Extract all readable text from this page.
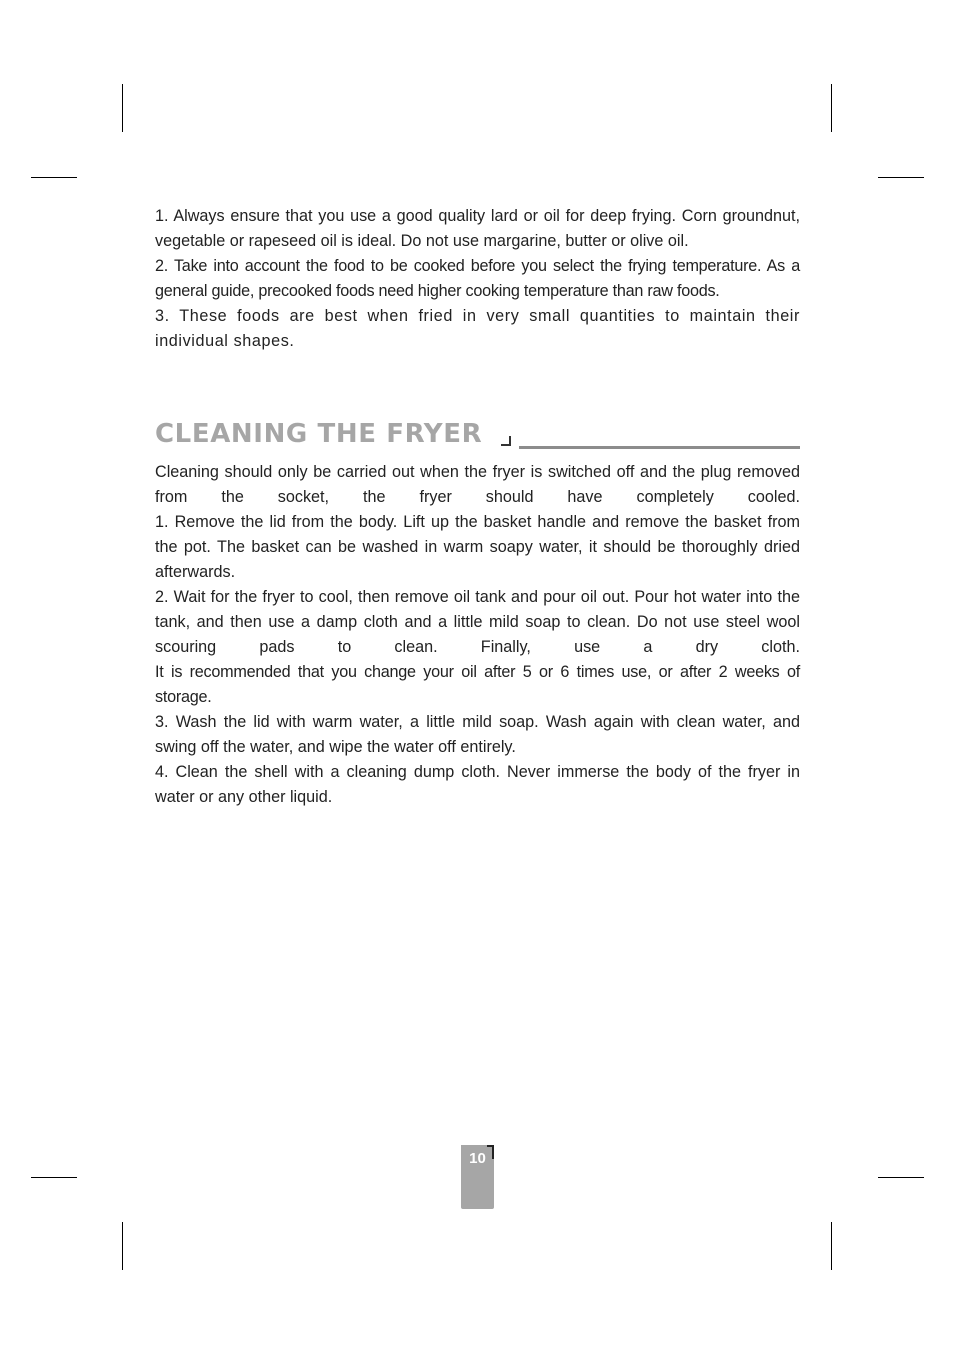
1. Always ensure that you use a good quality lard or oil for deep frying. Corn groundnut, vegetable or rapeseed oil is ideal. Do not use margarine, butter or olive oil.

2. Take into account the food to be cooked before you select the frying temperature. As a general guide, precooked foods need higher cooking temperature than raw foods.

3. These foods are best when fried in very small quantities to maintain their individual shapes.

CLEANING THE FRYER

Cleaning should only be carried out when the fryer is switched off and the plug removed from the socket, the fryer should have completely cooled.

1. Remove the lid from the body. Lift up the basket handle and remove the basket from the pot. The basket can be washed in warm soapy water, it should be thoroughly dried afterwards.

2. Wait for the fryer to cool, then remove oil tank and pour oil out. Pour hot water into the tank, and then use a damp cloth and a little mild soap to clean. Do not use steel wool scouring pads to clean. Finally, use a dry cloth.

It is recommended that you change your oil after 5 or 6 times use, or after 2 weeks of storage.

3. Wash the lid with warm water, a little mild soap. Wash again with clean water, and swing off the water, and wipe the water off entirely.

4. Clean the shell with a cleaning dump cloth. Never immerse the body of the fryer in water or any other liquid.

10
